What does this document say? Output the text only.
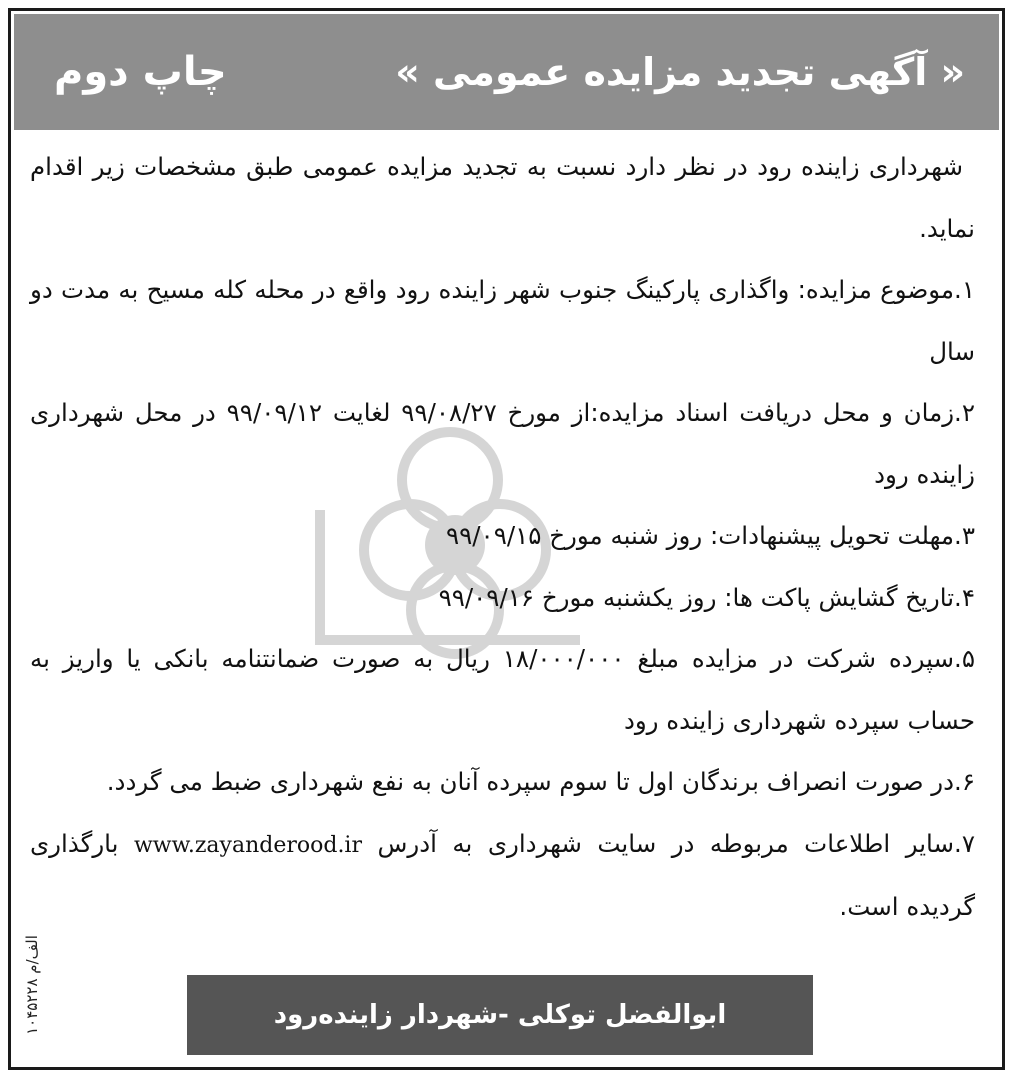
« آگهی تجدید مزایده عمومی »
چاپ دوم

شهرداری زاینده رود در نظر دارد نسبت به تجدید مزایده عمومی طبق مشخصات زیر اقدام نماید.

۱.موضوع مزایده: واگذاری پارکینگ جنوب شهر زاینده رود واقع در محله کله مسیح به مدت دو سال

۲.زمان و محل دریافت اسناد مزایده:از مورخ ۹۹/۰۸/۲۷ لغایت ۹۹/۰۹/۱۲ در محل شهرداری زاینده رود

۳.مهلت تحویل پیشنهادات: روز شنبه مورخ ۹۹/۰۹/۱۵

۴.تاریخ گشایش پاکت ها: روز یکشنبه مورخ ۹۹/۰۹/۱۶

۵.سپرده شرکت در مزایده مبلغ ۱۸/۰۰۰/۰۰۰ ریال به صورت ضمانتنامه بانکی یا واریز به حساب سپرده شهرداری زاینده رود

۶.در صورت انصراف برندگان اول تا سوم سپرده آنان به نفع شهرداری ضبط می گردد.

۷.سایر اطلاعات مربوطه در سایت شهرداری به آدرس www.zayanderood.ir بارگذاری گردیده است.

الف/م ۱۰۴۵۲۲۸
ابوالفضل توکلی -شهردار زاینده‌رود
